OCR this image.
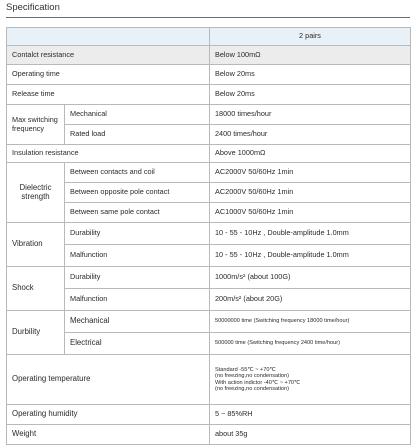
Specification
		2 pairs
Contalct resistance		Below 100mΩ
Operating time		Below 20ms
Release time		Below 20ms
Max switching frequency	Mechanical	18000 times/hour
	Rated load	2400 times/hour
Insulation resistance		Above 1000mΩ
Dielectric strength	Between contacts and coil	AC2000V 50/60Hz 1min
	Between opposite pole contact	AC2000V 50/60Hz 1min
	Between same pole contact	AC1000V 50/60Hz 1min
Vibration	Durability	10 - 55 - 10Hz , Double-amplitude 1.0mm
	Malfunction	10 - 55 - 10Hz , Double-amplitude 1.0mm
Shock	Durability	1000m/s² (about 100G)
	Malfunction	200m/s² (about 20G)
Durbility	Mechanical	50000000 time (Switching frequency 18000 time/hour)
	Electrical	500000 time (Switching frequency 2400 time/hour)
Operating temperature		Standard -55℃ ~ +70℃
(no freezing,no condensation)
With action indictor -40℃ ~ +70℃
(no freezing,no condensation)

Operating humidity		5 ~ 85%RH
Weight		about 35g
